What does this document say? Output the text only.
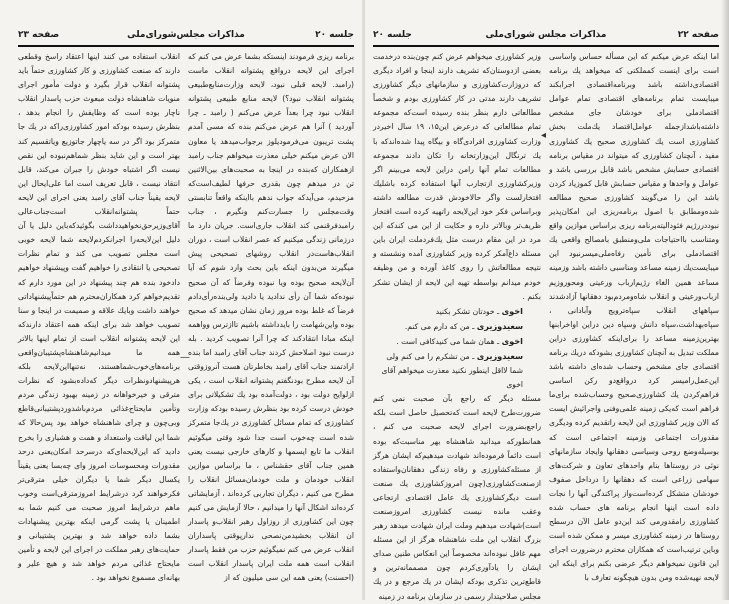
جلسه ۲۰
مذاکرات مجلس‌شورای‌ملی
صفحه ۲۳

برنامه ریزی فرمودند اینستکه بشما عرض می کنم که اجرای این لایحه درواقع پشتوانه انقلاب ماست (رامبد. لایحه قبلی نبود، لایحه وزارت‌منابع‌طبیعی پشتوانه انقلاب نبود؟) لایحه منابع طبیعی پشتوانه انقلاب نبود چرا بعداً عرض می‌کنم ( رامبد ـ چرا آوردید ) آنرا هم عرض می‌کنم بنده که مسی آمدم پشت تریبون می‌فرمودیلوز برجواب‌میدهد یا معاون الان عرض میکنم خیلی معذرت میخواهم جناب رامبد ازهمکاران که‌بنده در اینجا به صحبت‌های بین‌الاثنین تن در میدهم چون بقدری حرفها لطیف‌است‌که مزحیدم، می‌آیدکه جواب ندهم بااینکه واقعاً تنابستی وقت‌مجلس را جسارت‌کنم ونگیرم ، جناب رامبدفرقنمی کند انقلاب جاری‌است. جریان دارد ما درزمانی زندگی میکنیم که عصر انقلاب است ، دوران انقلاب‌هاست‌در انقلاب روشهای تصحیحی پیش میگیرند من‌بدون اینکه باین بحث وارد شوم که آیا آن‌لایحه صحیح بوده ویا نبوده وفرضاً که آن صحیح نبوده‌که شما آن رأی ندادید یا دادید ولی‌بنده‌رأی‌دادم فرضاً که غلط بوده مرور زمان نشان میدهد که صحیح بوده واین‌شهامت را بایدداشته باشیم تاازترس وواهمه اینکه مبادا انتقادکند که چرا آنرا تصویب کردید . بله درست نبود اصلاحش کردند جناب آقای رامبد اما بنده ارادتمند جناب آقای رامبد بخاطرتان هست آنروزوقتی آن لایحه مطرح بودنگفتم پشتوانه انقلاب است ، یکی ازلوایح دولت بود ، دولت‌آمده بود یك تشکیلاتی برای خودش درست کرده بود بنظرش رسیده بودکه وزارت کشاورزی که تمام مسائل کشاورزی در یك‌جا متمرکز شده است چه‌خوب است جدا شود وقتی میگوئیم انقلاب ما تابع ایسمها و کارهای خارجی نیست یعنی همین جناب آقای حقشناس ، ما براساس موازین انقلاب خودمان و ملت خودمان‌مسائل انقلاب را مطرح می کنیم ، دیگران تجاربی کرده‌اند ، آزمایشاتی کرده‌اند اشکال آنها را میدانیم ، حالا آزمایش می کنیم چون این کشاورزی از روزاول رهبر انقلاب‌و پاسدار ان انقلاب بخشیدمن‌نصحی ندارپوقتی پاسداران انقلاب عرض می کنم نمیگوئیم حزب من فقط پاسدار انقلاب است همه ملت ایران پاسدار انقلاب است (احسنت) یعنی همه این سی میلیون که از

انقلاب استفاده می کنند اینها اعتقاد راسخ وقطعی دارند که صنعت کشاورزی و کار کشاورزی حتماً باید پشتوانه انقلاب قرار بگیرد و دولت مأمور اجرای منویات شاهنشاه دولت مبعوث حزب پاسدار انقلاب ناچار بوده است که وظایفش را انجام بدهد ، بنظرش رسیده بودکه امور کشاورزی‌راکه در یك جا متمرکز بود اگر در سه یاچهار جاتوزیع ویاتقسیم کند بهتر است و این شاید بنظر شماهم‌نبوده این نقص نیست اگر اشتباه خودش را جبران می‌کند، قابل انتقاد نیست ، قابل تعریف است اما علی‌ایحال این لایحه یقیناً جناب آقای رامبد یعنی اجرای این لایحه حتماً پشتوانه‌انقلاب است‌جناب‌عالی آقای‌وزیرحق‌نخواهیدداشت بگوئیدکه‌باین دلیل یا آن دلیل این‌لایحه‌را اجرانکردم‌لایحه شما لایحه خوبی است مجلس تصویب می کند و تمام نظرات تصحیحی یا انتقادی را خواهیم گفت وپیشنهاد خواهیم دادخود بنده هم چند پیشنهاد در این مورد دارم که تقدیم‌خواهم کرد همکاران‌محترم هم حتماً‌پیشنهاداتی خواهند داشت وبایك علاقه و صمیمت در اینجا و سنا تصویب خواهد شد برای اینکه همه اعتقاد دارندکه این لایحه پشتوانه انقلاب است از تمام اینها بالاتر همه ما میدانیم‌شاهنشاه‌پشتیبان‌واقعی برنامه‌های‌خوب‌شماهستند، نه‌تنها‌این‌لایحه بلکه هرپیشنهادونظرات دیگر که‌داده‌بشود که نظرات مترقی و خیرخواهانه در زمینه بهبود زندگی مردم وتأمین مایحتاج‌غذائی مردم‌باشدوردپشتیبانی‌قاطع وبی‌چون و چرای شاهنشاه خواهد بود پس‌حالا که شما این لیاقت واستعداد و همت و هشیاری را بخرج دادید که این‌لایحه‌ای‌که درسرحد امکان‌یعنی درحد مقدورات ومحسوسات امروز وای چه‌بسا یعنی یقیناً یکسال دیگر شما یا دیگران خیلی مترقی‌تر فکرخواهند کرد درشرایط امروزمترقی‌است وخوب ماهم درشرایط امروز صحبت می کنیم شما به اطمینان یا پشت گرمی اینکه بهترین پیشنهادات بشما داده خواهد شد و بهترین پشتیبانی و حمایت‌های رهبر مملکت در اجرای این لایحه و تأمین مایحتاج غذائی مردم خواهد شد و هیچ علیر و بهانه‌ای مسموع نخواهد بود .

—
صفحه ۲۲
مذاکرات مجلس شورای‌ملی
جلسه ۲۰

اما اینکه عرض میکنم که این مسأله حساس واساسی است برای اینست کمملکتی که میخواهد یك برنامه اقتصادی‌داشته باشد وبرنامه‌اقتصادی اجرابکند میبایست تمام برنامه‌های اقتصادی تمام عوامل اقتصادملی برای خودشان جای مشخص داشته‌باشد‌ازجمله عوامل‌اقتصاد یك‌ملت بخش کشاورزی است یك کشاورزی صحیح یك کشاورزی مفید ، آنچنان کشاورزی که میتواند در مقیاس برنامه اقتصادی حسابش مشخص باشد قابل بررسی باشد و عوامل و واحدها و مقیاس حسابش قابل کموزیاد کردن باشد این را می‌گویند کشاورزی صحیح مطالعه شده‌ومطابق با اصول برنامه‌ریزی این امکان‌پذیر نبوددررژیم فئودالیته‌برنامه ریزی براساس موازین واقع ومتناسب بااحتیاجات ملی‌ومنطبق بامصالح واقعی یك اقتصادملی برای تأمین رفاه‌ملی‌میسرنبود این میبایست‌یك زمینه مساعد ومناسبی داشته باشد وزمینه مساعد همین الغاء رژیم‌ارباب ورعیتی ومحوروزیم ارباب‌ورعیتی و انقلاب شاه‌ومردم‌بود دهقانها آزادشدند سپاههای انقلاب سپاه‌ترویج وآبادانی ، سپاه‌بهداشت،سپاه دانش وسپاه دین دراین اواخرابنها بهترین‌زمینه مساعد را برای‌اینکه کشاورزی دراین مملکت تبدیل به آنچنان کشاورزی بشودکه دریك برنامه اقتصادی جای مشخص وحساب شده‌ای داشته باشد این‌عمل‌رامیسر کرد درواقع‌دو رکن اساسی فراهم‌کردن یك کشاورزی‌صحیح وحساب‌شده برای‌ما فراهم است که‌یکی زمینه علمی‌وفنی واجرائیش ایست که الان وزیر کشاورزی این لایحه راتقدیم کرده ودیگری مقدورات اجتماعی وزمینه اجتماعی است که بوسیله‌وضع روحی وسیاسی دهقانها وایجاد سازمانهای نوئی در روستاها بنام واحدهای تعاون و شرکت‌های سهامی زراعی است که دهقانها را درداخل صفوف خودشان متشکل کرده‌است‌واز پراکندگی آنها را نجات داده است اینها انجام برنامه های حساب شده کشاورزی رامقدورمی کند این‌دو عامل الآن درسطح روستاها در زمینه کشاورزی میسر و ممکن شده است وباین ترتیب‌است که همکاران محترم درضرورت اجرای این قانون نمیخواهم دیگر عرضی بکنم برای اینکه این لایحه نهیه‌شده ومن بدون هیچگونه تعارف با

وزیر کشاورزی میخواهم عرض کنم چون‌بنده درخدمت بعضی ازدوستان‌که تشریف دارند اینجا و افراد دیگری که دروزارت‌کشاورزی و سازمانهای دیگر کشاورزی تشریف دارند مدتی در کار کشاورزی بودم و شخصاً مطالعاتی دارم بنظر بنده رسیده است‌که مجموعه تمام مطالعاتی که درعرض این۱۵، ۱۹ سال اخیردر وزارت کشاورزی افرادی‌گاه و بیگاه پیدا شده‌اندکه با یك ترنگال این‌وزارتخانه را تکان دادند مجموعه مطالعات تمام آنها رامن دراین لایحه می‌بینم اگر وزیرکشاورزی ازتجارب آنها استفاده کرده باشلیك افتخارلست واگر حالاخودش قدرت مطالعه داشته وبراساس فکر خود این‌لایحه راتهیه کرده است افتخار ظریف‌تر وبالاتر داره و حکایت از این می کندکه این مرد در این مقام درست مثل یك‌فرد‌ملت ایران باین مسئله داغ‌آمکر کرده وزیر کشاورزی آمده ونشسته و نتیجه مطالعاتش را روی کاغذ آورده و من وظیفه خودم میدانم بواسطه تهیه این لایحه از ایشان تشکر بکنم .

اخوی ـ خودتان تشکر بکنید

سعیدوزیری ـ من که دارم می کنم.

اخوی ـ همان شما می کنیدکافی است .

سعیدوزیری ـ من تشکرم را می کنم ولی شما لااقل اینطور نکنید معذرت میخواهم آقای اخوی

مسئله دیگر که راجع بآن صحبت نمی کنم ضرورت‌طرح لایحه است که‌تحصیل حاصل است بلکه راجع‌بضرورت اجرای لایحه صحبت می کنم ، همانطورکه میدانید شاهنشاه بهر مناسبت‌که بوده است دائماً فرموده‌اند شهادت میدهیم‌که ایشان هرگز از مسئله‌کشاورزی و رفاه زندگی دهقانان‌واستفاده ازصنعت‌کشاورزی(چون امروزکشاورزی یك صنعت است دیگرکشاورزی یك عامل اقتصادی ارتجاعی وعقب مانده نیست کشاورزی امروزصنعت است)شهادت میدهیم وملت ایران شهادت میدهد رهبر بزرگ انقلاب این ملت شاهنشاه هرگز از این مسئله مهم غافل نبوده‌اند مخصوصاً این انعکاس طنین صدای ایشان را یادآوری‌کردم چون مصممانه‌ترین و قاطع‌ترین تذکری بودکه ایشان در یك مرجع و در یك مجلس صلاحیتدار رسمی در سازمان برنامه در زمینه

◂
